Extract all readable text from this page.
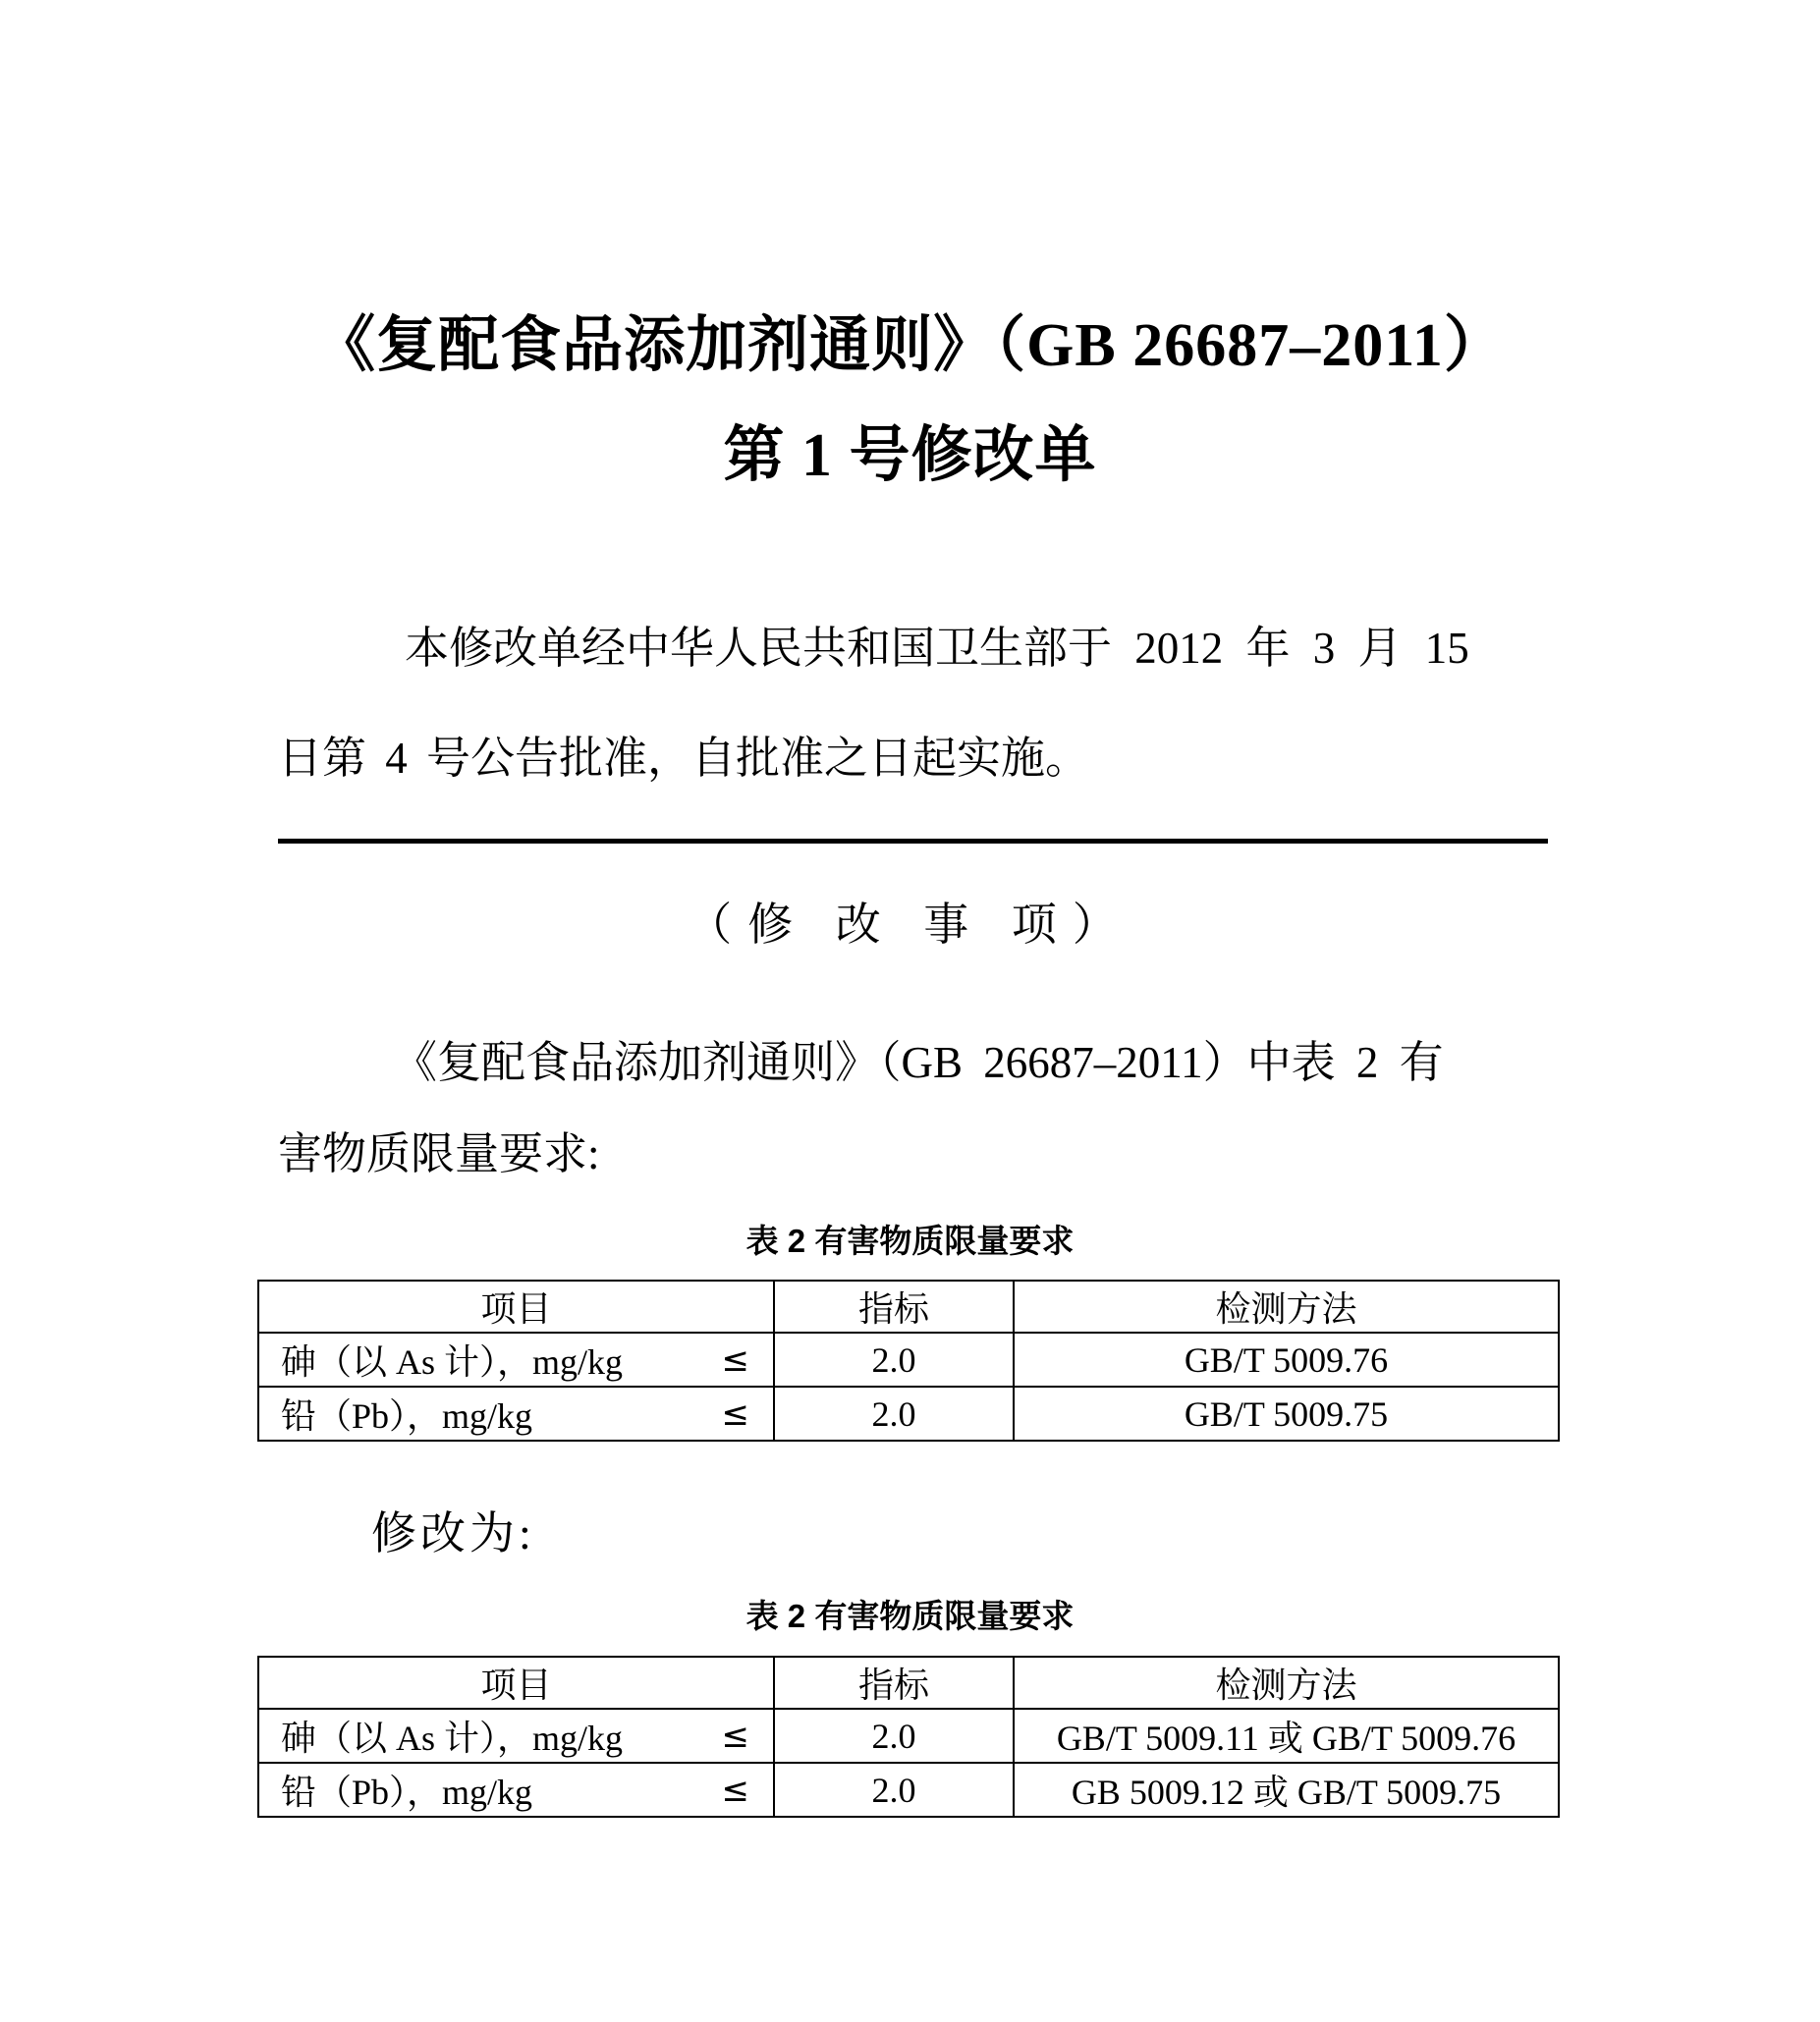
《复配食品添加剂通则》（GB 26687–2011）
第 1 号修改单
本修改单经中华人民共和国卫生部于 2012 年 3 月 15
日第 4 号公告批准，自批准之日起实施。
（修 改 事 项）
《复配食品添加剂通则》（GB 26687–2011）中表 2 有
害物质限量要求:
表 2 有害物质限量要求
项目	指标	检测方法

砷（以 As 计），mg/kg ≤	2.0	GB/T 5009.76

铅（Pb），mg/kg ≤	2.0	GB/T 5009.75
修改为:
表 2 有害物质限量要求
项目	指标	检测方法

砷（以 As 计），mg/kg ≤	2.0	GB/T 5009.11 或 GB/T 5009.76

铅（Pb），mg/kg ≤	2.0	GB 5009.12 或 GB/T 5009.75
